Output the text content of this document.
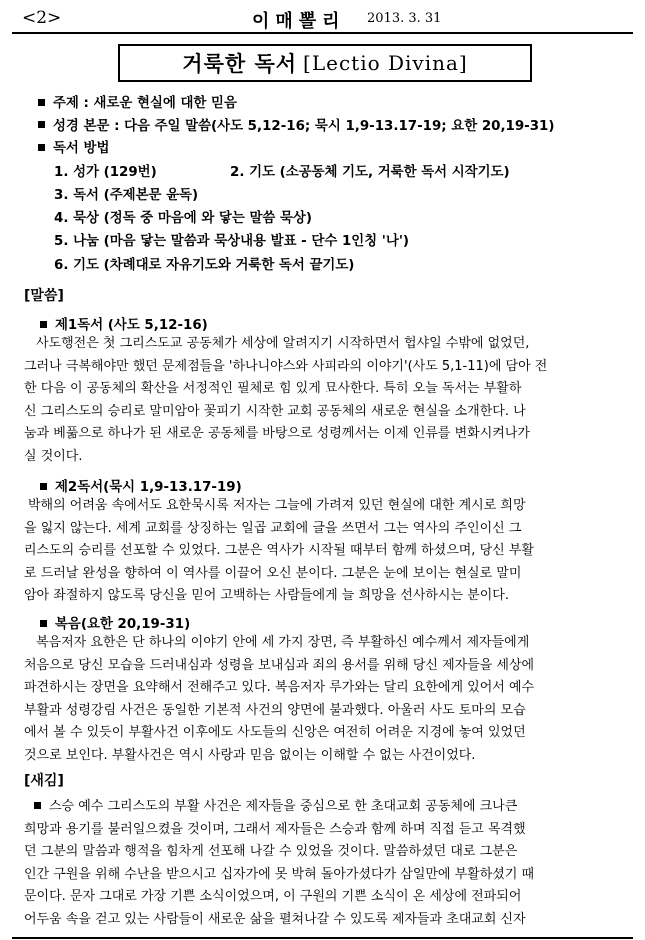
<2>	이매뽈리 2013. 3. 31
거룩한 독서 [Lectio Divina]
주제 : 새로운 현실에 대한 믿음
성경 본문 : 다음 주일 말씀(사도 5,12-16; 묵시 1,9-13.17-19; 요한 20,19-31)
독서 방법
1. 성가 (129번)	2. 기도 (소공동체 기도, 거룩한 독서 시작기도)
3. 독서 (주제본문 윤독)
4. 묵상 (정독 중 마음에 와 닿는 말씀 묵상)
5. 나눔 (마음 닿는 말씀과 묵상내용 발표 - 단수 1인칭 '나')
6. 기도 (차례대로 자유기도와 거룩한 독서 끝기도)
[말씀]
제1독서 (사도 5,12-16)
사도행전은 첫 그리스도교 공동체가 세상에 알려지기 시작하면서 헙샤일 수밖에 없었던,
그러나 극복해야만 했던 문제점들을 '하나니야스와 사피라의 이야기'(사도 5,1-11)에 담아 전
한 다음 이 공동체의 확산을 서정적인 필체로 힘 있게 묘사한다. 특히 오늘 독서는 부활하
신 그리스도의 승리로 말미암아 꽃피기 시작한 교회 공동체의 새로운 현실을 소개한다. 나
눔과 베풂으로 하나가 된 새로운 공동체를 바탕으로 성령께서는 이제 인류를 변화시켜나가
실 것이다.
제2독서(묵시 1,9-13.17-19)
박해의 어려움 속에서도 요한묵시록 저자는 그늘에 가려져 있던 현실에 대한 계시로 희망
을 잃지 않는다. 세계 교회를 상징하는 일곱 교회에 글을 쓰면서 그는 역사의 주인이신 그
리스도의 승리를 선포할 수 있었다. 그분은 역사가 시작될 때부터 함께 하셨으며, 당신 부활
로 드러날 완성을 향하여 이 역사를 이끌어 오신 분이다. 그분은 눈에 보이는 현실로 말미
암아 좌절하지 않도록 당신을 믿어 고백하는 사람들에게 늘 희망을 선사하시는 분이다.
복음(요한 20,19-31)
복음저자 요한은 단 하나의 이야기 안에 세 가지 장면, 즉 부활하신 예수께서 제자들에게
처음으로 당신 모습을 드러내심과 성령을 보내심과 죄의 용서를 위해 당신 제자들을 세상에
파견하시는 장면을 요약해서 전해주고 있다. 복음저자 루가와는 달리 요한에게 있어서 예수
부활과 성령강림 사건은 동일한 기본적 사건의 양면에 불과했다. 아울러 사도 토마의 모습
에서 볼 수 있듯이 부활사건 이후에도 사도들의 신앙은 여전히 어려운 지경에 놓여 있었던
것으로 보인다. 부활사건은 역시 사랑과 믿음 없이는 이해할 수 없는 사건이었다.
[새김]
스승 예수 그리스도의 부활 사건은 제자들을 중심으로 한 초대교회 공동체에 크나큰
희망과 용기를 불러일으켰을 것이며, 그래서 제자들은 스승과 함께 하며 직접 듣고 목격했
던 그분의 말씀과 행적을 힘차게 선포해 나갈 수 있었을 것이다. 말씀하셨던 대로 그분은
인간 구원을 위해 수난을 받으시고 십자가에 못 박혀 돌아가셨다가 삼일만에 부활하셨기 때
문이다. 문자 그대로 가장 기쁜 소식이었으며, 이 구원의 기쁜 소식이 온 세상에 전파되어
어두움 속을 걷고 있는 사람들이 새로운 삶을 펼쳐나갈 수 있도록 제자들과 초대교회 신자
